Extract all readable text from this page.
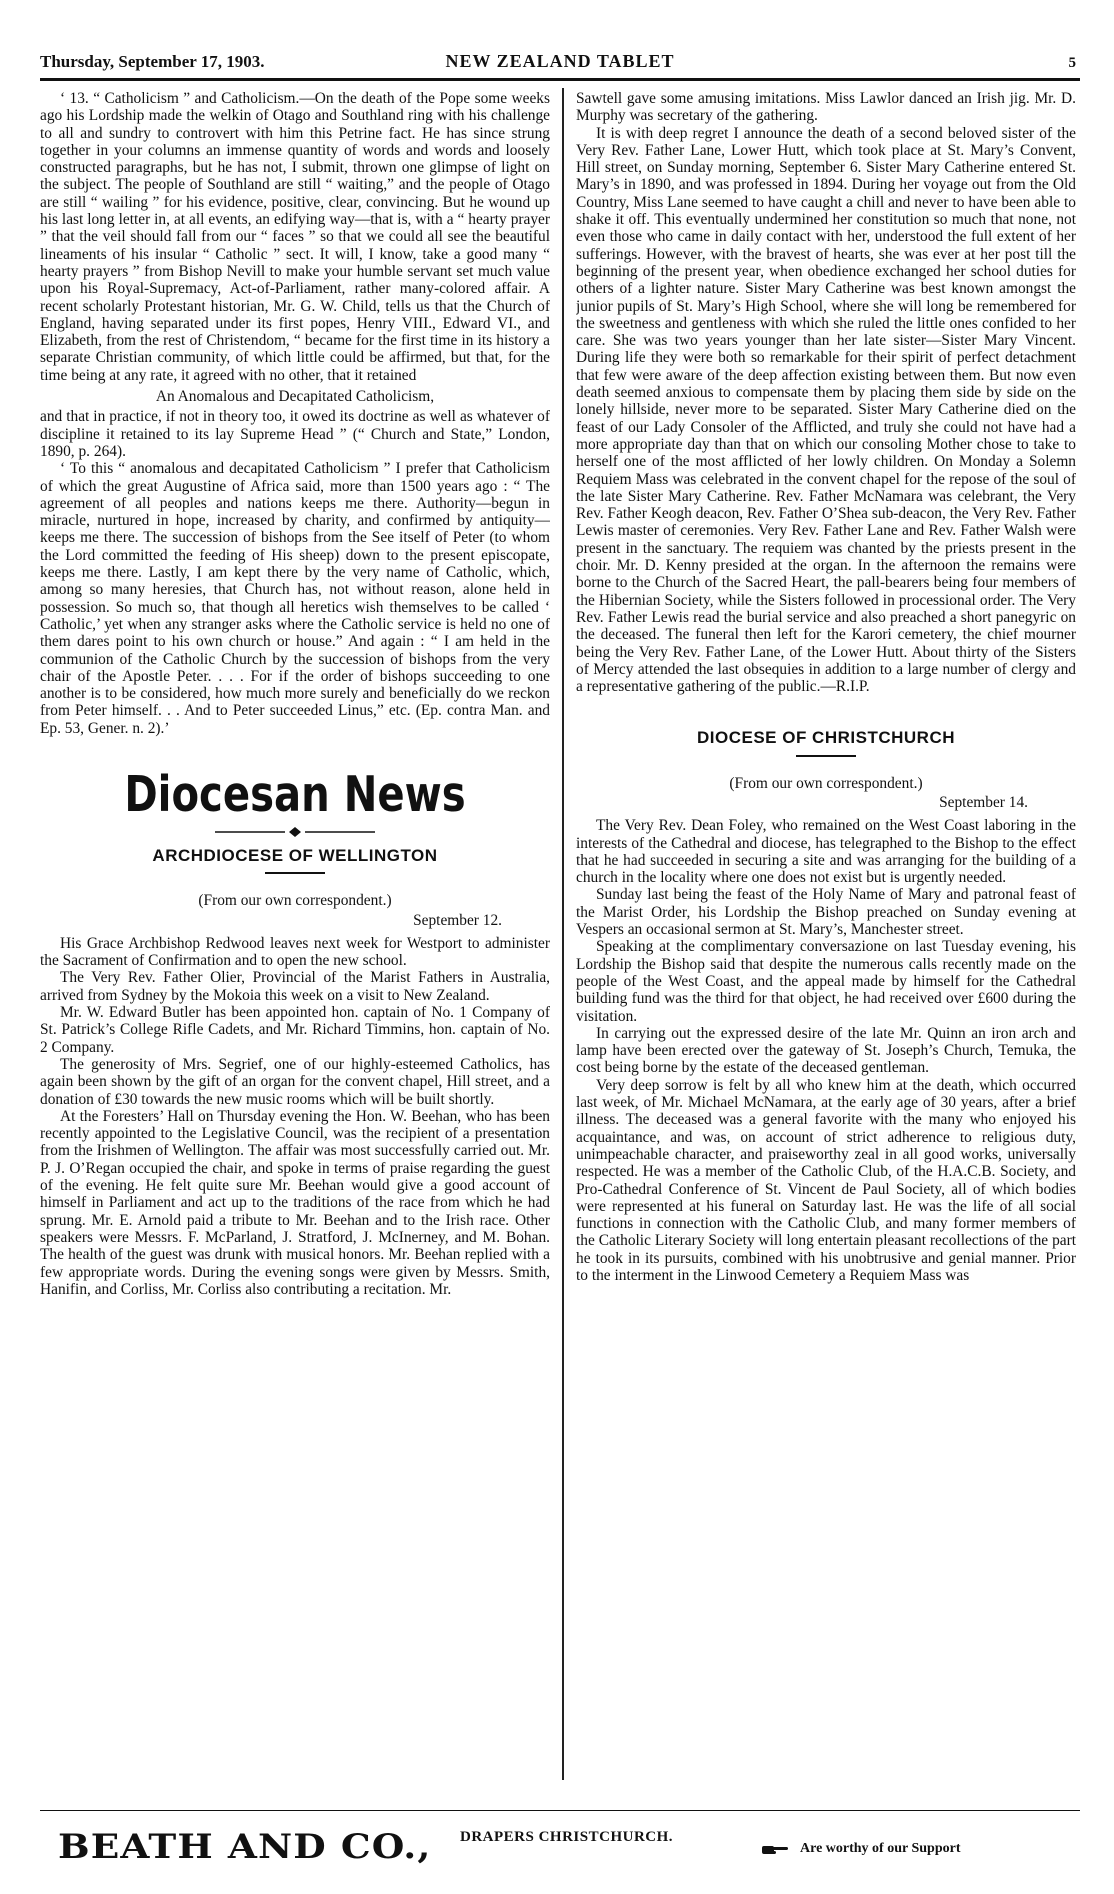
Thursday, September 17, 1903.	NEW ZEALAND TABLET	5

‘ 13. “ Catholicism ” and Catholicism.—On the death of the Pope some weeks ago his Lordship made the welkin of Otago and Southland ring with his challenge to all and sundry to controvert with him this Petrine fact. He has since strung together in your columns an immense quantity of words and words and loosely constructed paragraphs, but he has not, I submit, thrown one glimpse of light on the subject. The people of Southland are still “ waiting,” and the people of Otago are still “ wailing ” for his evidence, positive, clear, convincing. But he wound up his last long letter in, at all events, an edifying way—that is, with a “ hearty prayer ” that the veil should fall from our “ faces ” so that we could all see the beautiful lineaments of his insular “ Catholic ” sect. It will, I know, take a good many “ hearty prayers ” from Bishop Nevill to make your humble servant set much value upon his Royal-Supremacy, Act-of-Parliament, rather many-colored affair. A recent scholarly Protestant historian, Mr. G. W. Child, tells us that the Church of England, having separated under its first popes, Henry VIII., Edward VI., and Elizabeth, from the rest of Christendom, “ became for the first time in its history a separate Christian community, of which little could be affirmed, but that, for the time being at any rate, it agreed with no other, that it retained

An Anomalous and Decapitated Catholicism,

and that in practice, if not in theory too, it owed its doctrine as well as whatever of discipline it retained to its lay Supreme Head ” (“ Church and State,” London, 1890, p. 264).

‘ To this “ anomalous and decapitated Catholicism ” I prefer that Catholicism of which the great Augustine of Africa said, more than 1500 years ago : “ The agreement of all peoples and nations keeps me there. Authority—begun in miracle, nurtured in hope, increased by charity, and confirmed by antiquity—keeps me there. The succession of bishops from the See itself of Peter (to whom the Lord committed the feeding of His sheep) down to the present episcopate, keeps me there. Lastly, I am kept there by the very name of Catholic, which, among so many heresies, that Church has, not without reason, alone held in possession. So much so, that though all heretics wish themselves to be called ‘ Catholic,’ yet when any stranger asks where the Catholic service is held no one of them dares point to his own church or house.” And again : “ I am held in the communion of the Catholic Church by the succession of bishops from the very chair of the Apostle Peter. . . . For if the order of bishops succeeding to one another is to be considered, how much more surely and beneficially do we reckon from Peter himself. . . And to Peter succeeded Linus,” etc. (Ep. contra Man. and Ep. 53, Gener. n. 2).’

Diocesan News
ARCHDIOCESE OF WELLINGTON
(From our own correspondent.)
September 12.

His Grace Archbishop Redwood leaves next week for Westport to administer the Sacrament of Confirmation and to open the new school.

The Very Rev. Father Olier, Provincial of the Marist Fathers in Australia, arrived from Sydney by the Mokoia this week on a visit to New Zealand.

Mr. W. Edward Butler has been appointed hon. captain of No. 1 Company of St. Patrick’s College Rifle Cadets, and Mr. Richard Timmins, hon. captain of No. 2 Company.

The generosity of Mrs. Segrief, one of our highly-esteemed Catholics, has again been shown by the gift of an organ for the convent chapel, Hill street, and a donation of £30 towards the new music rooms which will be built shortly.

At the Foresters’ Hall on Thursday evening the Hon. W. Beehan, who has been recently appointed to the Legislative Council, was the recipient of a presentation from the Irishmen of Wellington. The affair was most successfully carried out. Mr. P. J. O’Regan occupied the chair, and spoke in terms of praise regarding the guest of the evening. He felt quite sure Mr. Beehan would give a good account of himself in Parliament and act up to the traditions of the race from which he had sprung. Mr. E. Arnold paid a tribute to Mr. Beehan and to the Irish race. Other speakers were Messrs. F. McParland, J. Stratford, J. McInerney, and M. Bohan. The health of the guest was drunk with musical honors. Mr. Beehan replied with a few appropriate words. During the evening songs were given by Messrs. Smith, Hanifin, and Corliss, Mr. Corliss also contributing a recitation. Mr.

Sawtell gave some amusing imitations. Miss Lawlor danced an Irish jig. Mr. D. Murphy was secretary of the gathering.

It is with deep regret I announce the death of a second beloved sister of the Very Rev. Father Lane, Lower Hutt, which took place at St. Mary’s Convent, Hill street, on Sunday morning, September 6. Sister Mary Catherine entered St. Mary’s in 1890, and was professed in 1894. During her voyage out from the Old Country, Miss Lane seemed to have caught a chill and never to have been able to shake it off. This eventually undermined her constitution so much that none, not even those who came in daily contact with her, understood the full extent of her sufferings. However, with the bravest of hearts, she was ever at her post till the beginning of the present year, when obedience exchanged her school duties for others of a lighter nature. Sister Mary Catherine was best known amongst the junior pupils of St. Mary’s High School, where she will long be remembered for the sweetness and gentleness with which she ruled the little ones confided to her care. She was two years younger than her late sister—Sister Mary Vincent. During life they were both so remarkable for their spirit of perfect detachment that few were aware of the deep affection existing between them. But now even death seemed anxious to compensate them by placing them side by side on the lonely hillside, never more to be separated. Sister Mary Catherine died on the feast of our Lady Consoler of the Afflicted, and truly she could not have had a more appropriate day than that on which our consoling Mother chose to take to herself one of the most afflicted of her lowly children. On Monday a Solemn Requiem Mass was celebrated in the convent chapel for the repose of the soul of the late Sister Mary Catherine. Rev. Father McNamara was celebrant, the Very Rev. Father Keogh deacon, Rev. Father O’Shea sub-deacon, the Very Rev. Father Lewis master of ceremonies. Very Rev. Father Lane and Rev. Father Walsh were present in the sanctuary. The requiem was chanted by the priests present in the choir. Mr. D. Kenny presided at the organ. In the afternoon the remains were borne to the Church of the Sacred Heart, the pall-bearers being four members of the Hibernian Society, while the Sisters followed in processional order. The Very Rev. Father Lewis read the burial service and also preached a short panegyric on the deceased. The funeral then left for the Karori cemetery, the chief mourner being the Very Rev. Father Lane, of the Lower Hutt. About thirty of the Sisters of Mercy attended the last obsequies in addition to a large number of clergy and a representative gathering of the public.—R.I.P.

DIOCESE OF CHRISTCHURCH
(From our own correspondent.)
September 14.

The Very Rev. Dean Foley, who remained on the West Coast laboring in the interests of the Cathedral and diocese, has telegraphed to the Bishop to the effect that he had succeeded in securing a site and was arranging for the building of a church in the locality where one does not exist but is urgently needed.

Sunday last being the feast of the Holy Name of Mary and patronal feast of the Marist Order, his Lordship the Bishop preached on Sunday evening at Vespers an occasional sermon at St. Mary’s, Manchester street.

Speaking at the complimentary conversazione on last Tuesday evening, his Lordship the Bishop said that despite the numerous calls recently made on the people of the West Coast, and the appeal made by himself for the Cathedral building fund was the third for that object, he had received over £600 during the visitation.

In carrying out the expressed desire of the late Mr. Quinn an iron arch and lamp have been erected over the gateway of St. Joseph’s Church, Temuka, the cost being borne by the estate of the deceased gentleman.

Very deep sorrow is felt by all who knew him at the death, which occurred last week, of Mr. Michael McNamara, at the early age of 30 years, after a brief illness. The deceased was a general favorite with the many who enjoyed his acquaintance, and was, on account of strict adherence to religious duty, unimpeachable character, and praiseworthy zeal in all good works, universally respected. He was a member of the Catholic Club, of the H.A.C.B. Society, and Pro-Cathedral Conference of St. Vincent de Paul Society, all of which bodies were represented at his funeral on Saturday last. He was the life of all social functions in connection with the Catholic Club, and many former members of the Catholic Literary Society will long entertain pleasant recollections of the part he took in its pursuits, combined with his unobtrusive and genial manner. Prior to the interment in the Linwood Cemetery a Requiem Mass was

BEATH AND CO., DRAPERS CHRISTCHURCH.
Are worthy of our Support
